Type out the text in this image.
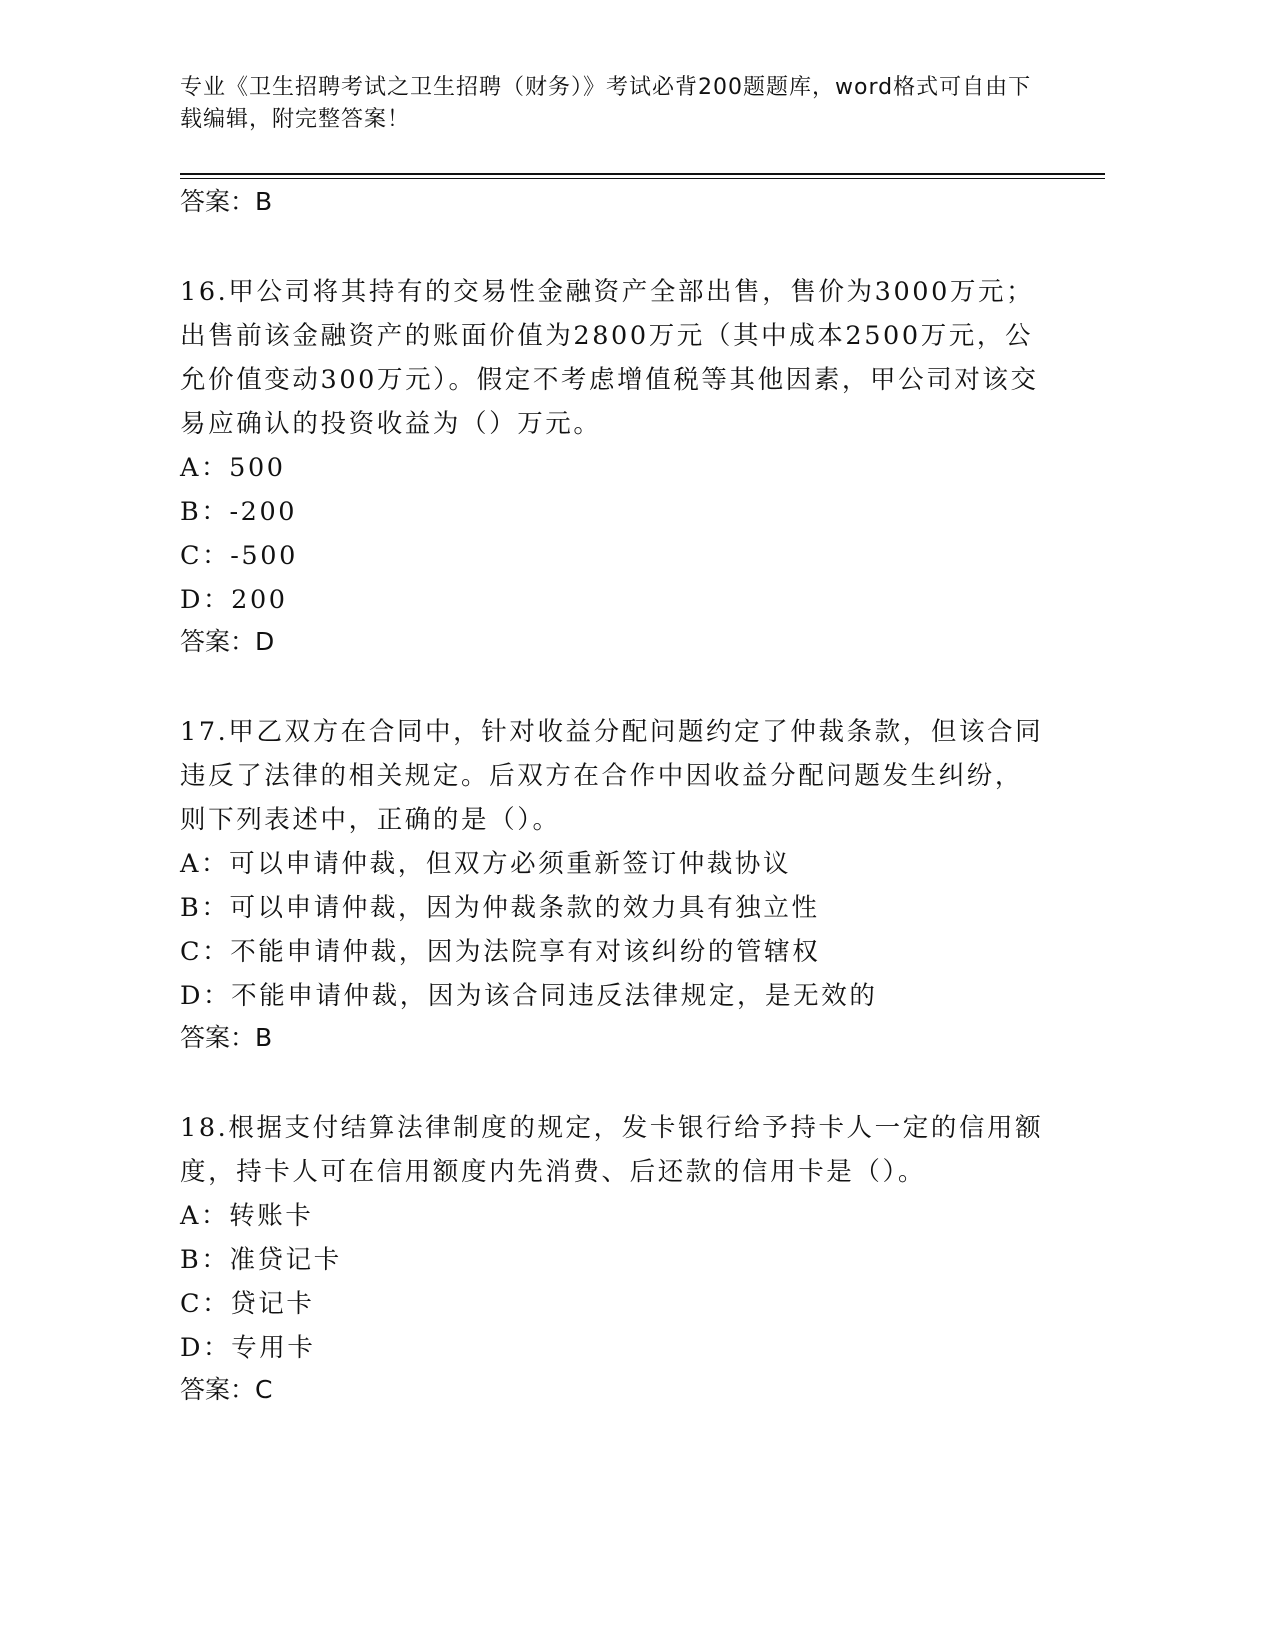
专业《卫生招聘考试之卫生招聘（财务）》考试必背200题题库，word格式可自由下载编辑，附完整答案！

答案：B

16.甲公司将其持有的交易性金融资产全部出售，售价为3000万元；出售前该金融资产的账面价值为2800万元（其中成本2500万元，公允价值变动300万元）。假定不考虑增值税等其他因素，甲公司对该交易应确认的投资收益为（）万元。

A：500

B：-200

C：-500

D：200

答案：D

17.甲乙双方在合同中，针对收益分配问题约定了仲裁条款，但该合同违反了法律的相关规定。后双方在合作中因收益分配问题发生纠纷，则下列表述中，正确的是（）。

A：可以申请仲裁，但双方必须重新签订仲裁协议

B：可以申请仲裁，因为仲裁条款的效力具有独立性

C：不能申请仲裁，因为法院享有对该纠纷的管辖权

D：不能申请仲裁，因为该合同违反法律规定，是无效的

答案：B

18.根据支付结算法律制度的规定，发卡银行给予持卡人一定的信用额度，持卡人可在信用额度内先消费、后还款的信用卡是（）。

A：转账卡

B：准贷记卡

C：贷记卡

D：专用卡

答案：C
